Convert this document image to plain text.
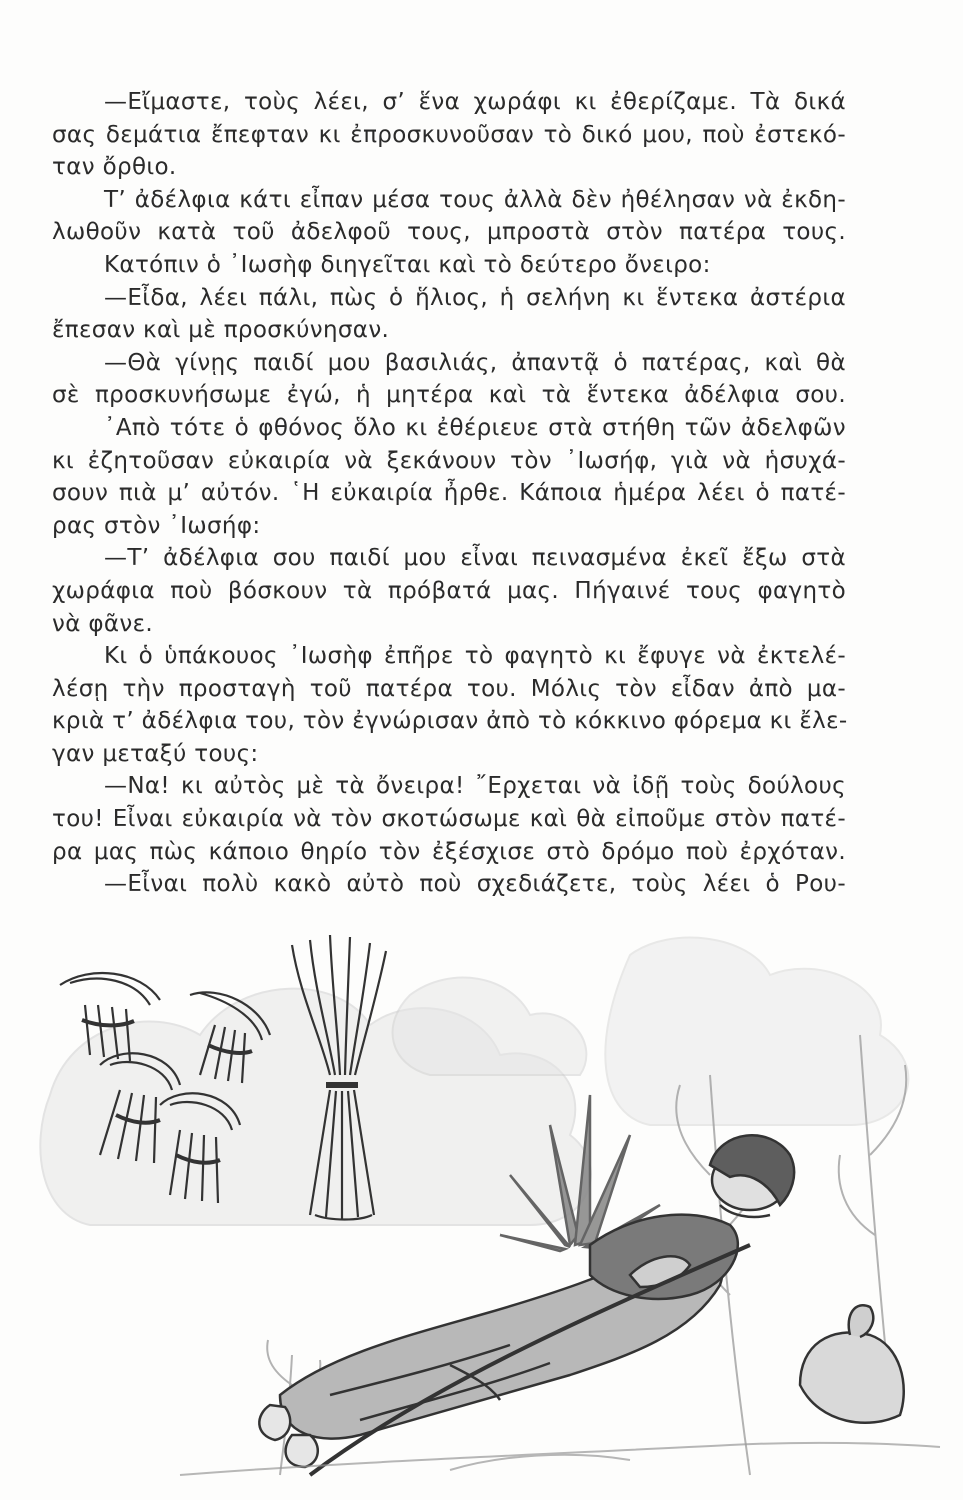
—Εἴμαστε, τοὺς λέει, σ’ ἕνα χωράφι κι ἐθερίζαμε. Τὰ δικά
σας δεμάτια ἔπεφταν κι ἐπροσκυνοῦσαν τὸ δικό μου, ποὺ ἐστεκό-
ταν ὄρθιο.
Τ’ ἀδέλφια κάτι εἶπαν μέσα τους ἀλλὰ δὲν ἠθέλησαν νὰ ἐκδη-
λωθοῦν κατὰ τοῦ ἀδελφοῦ τους, μπροστὰ στὸν πατέρα τους.
Κατόπιν ὁ ᾿Ιωσὴφ διηγεῖται καὶ τὸ δεύτερο ὄνειρο:
—Εἶδα, λέει πάλι, πὼς ὁ ἥλιος, ἡ σελήνη κι ἕντεκα ἀστέρια
ἔπεσαν καὶ μὲ προσκύνησαν.
—Θὰ γίνῃς παιδί μου βασιλιάς, ἀπαντᾷ ὁ πατέρας, καὶ θὰ
σὲ προσκυνήσωμε ἐγώ, ἡ μητέρα καὶ τὰ ἕντεκα ἀδέλφια σου.
᾿Απὸ τότε ὁ φθόνος ὅλο κι ἐθέριευε στὰ στήθη τῶν ἀδελφῶν
κι ἐζητοῦσαν εὐκαιρία νὰ ξεκάνουν τὸν ᾿Ιωσήφ, γιὰ νὰ ἡσυχά-
σουν πιὰ μ’ αὐτόν. ῾Η εὐκαιρία ἦρθε. Κάποια ἡμέρα λέει ὁ πατέ-
ρας στὸν ᾿Ιωσήφ:
—Τ’ ἀδέλφια σου παιδί μου εἶναι πεινασμένα ἐκεῖ ἔξω στὰ
χωράφια ποὺ βόσκουν τὰ πρόβατά μας. Πήγαινέ τους φαγητὸ
νὰ φᾶνε.
Κι ὁ ὑπάκουος ᾿Ιωσὴφ ἐπῆρε τὸ φαγητὸ κι ἔφυγε νὰ ἐκτελέ-
λέσῃ τὴν προσταγὴ τοῦ πατέρα του. Μόλις τὸν εἶδαν ἀπὸ μα-
κριὰ τ’ ἀδέλφια του, τὸν ἐγνώρισαν ἀπὸ τὸ κόκκινο φόρεμα κι ἔλε-
γαν μεταξύ τους:
—Να! κι αὐτὸς μὲ τὰ ὄνειρα! ῎Ερχεται νὰ ἰδῇ τοὺς δούλους
του! Εἶναι εὐκαιρία νὰ τὸν σκοτώσωμε καὶ θὰ εἰποῦμε στὸν πατέ-
ρα μας πὼς κάποιο θηρίο τὸν ἐξέσχισε στὸ δρόμο ποὺ ἐρχόταν.
—Εἶναι πολὺ κακὸ αὐτὸ ποὺ σχεδιάζετε, τοὺς λέει ὁ Ρου-
